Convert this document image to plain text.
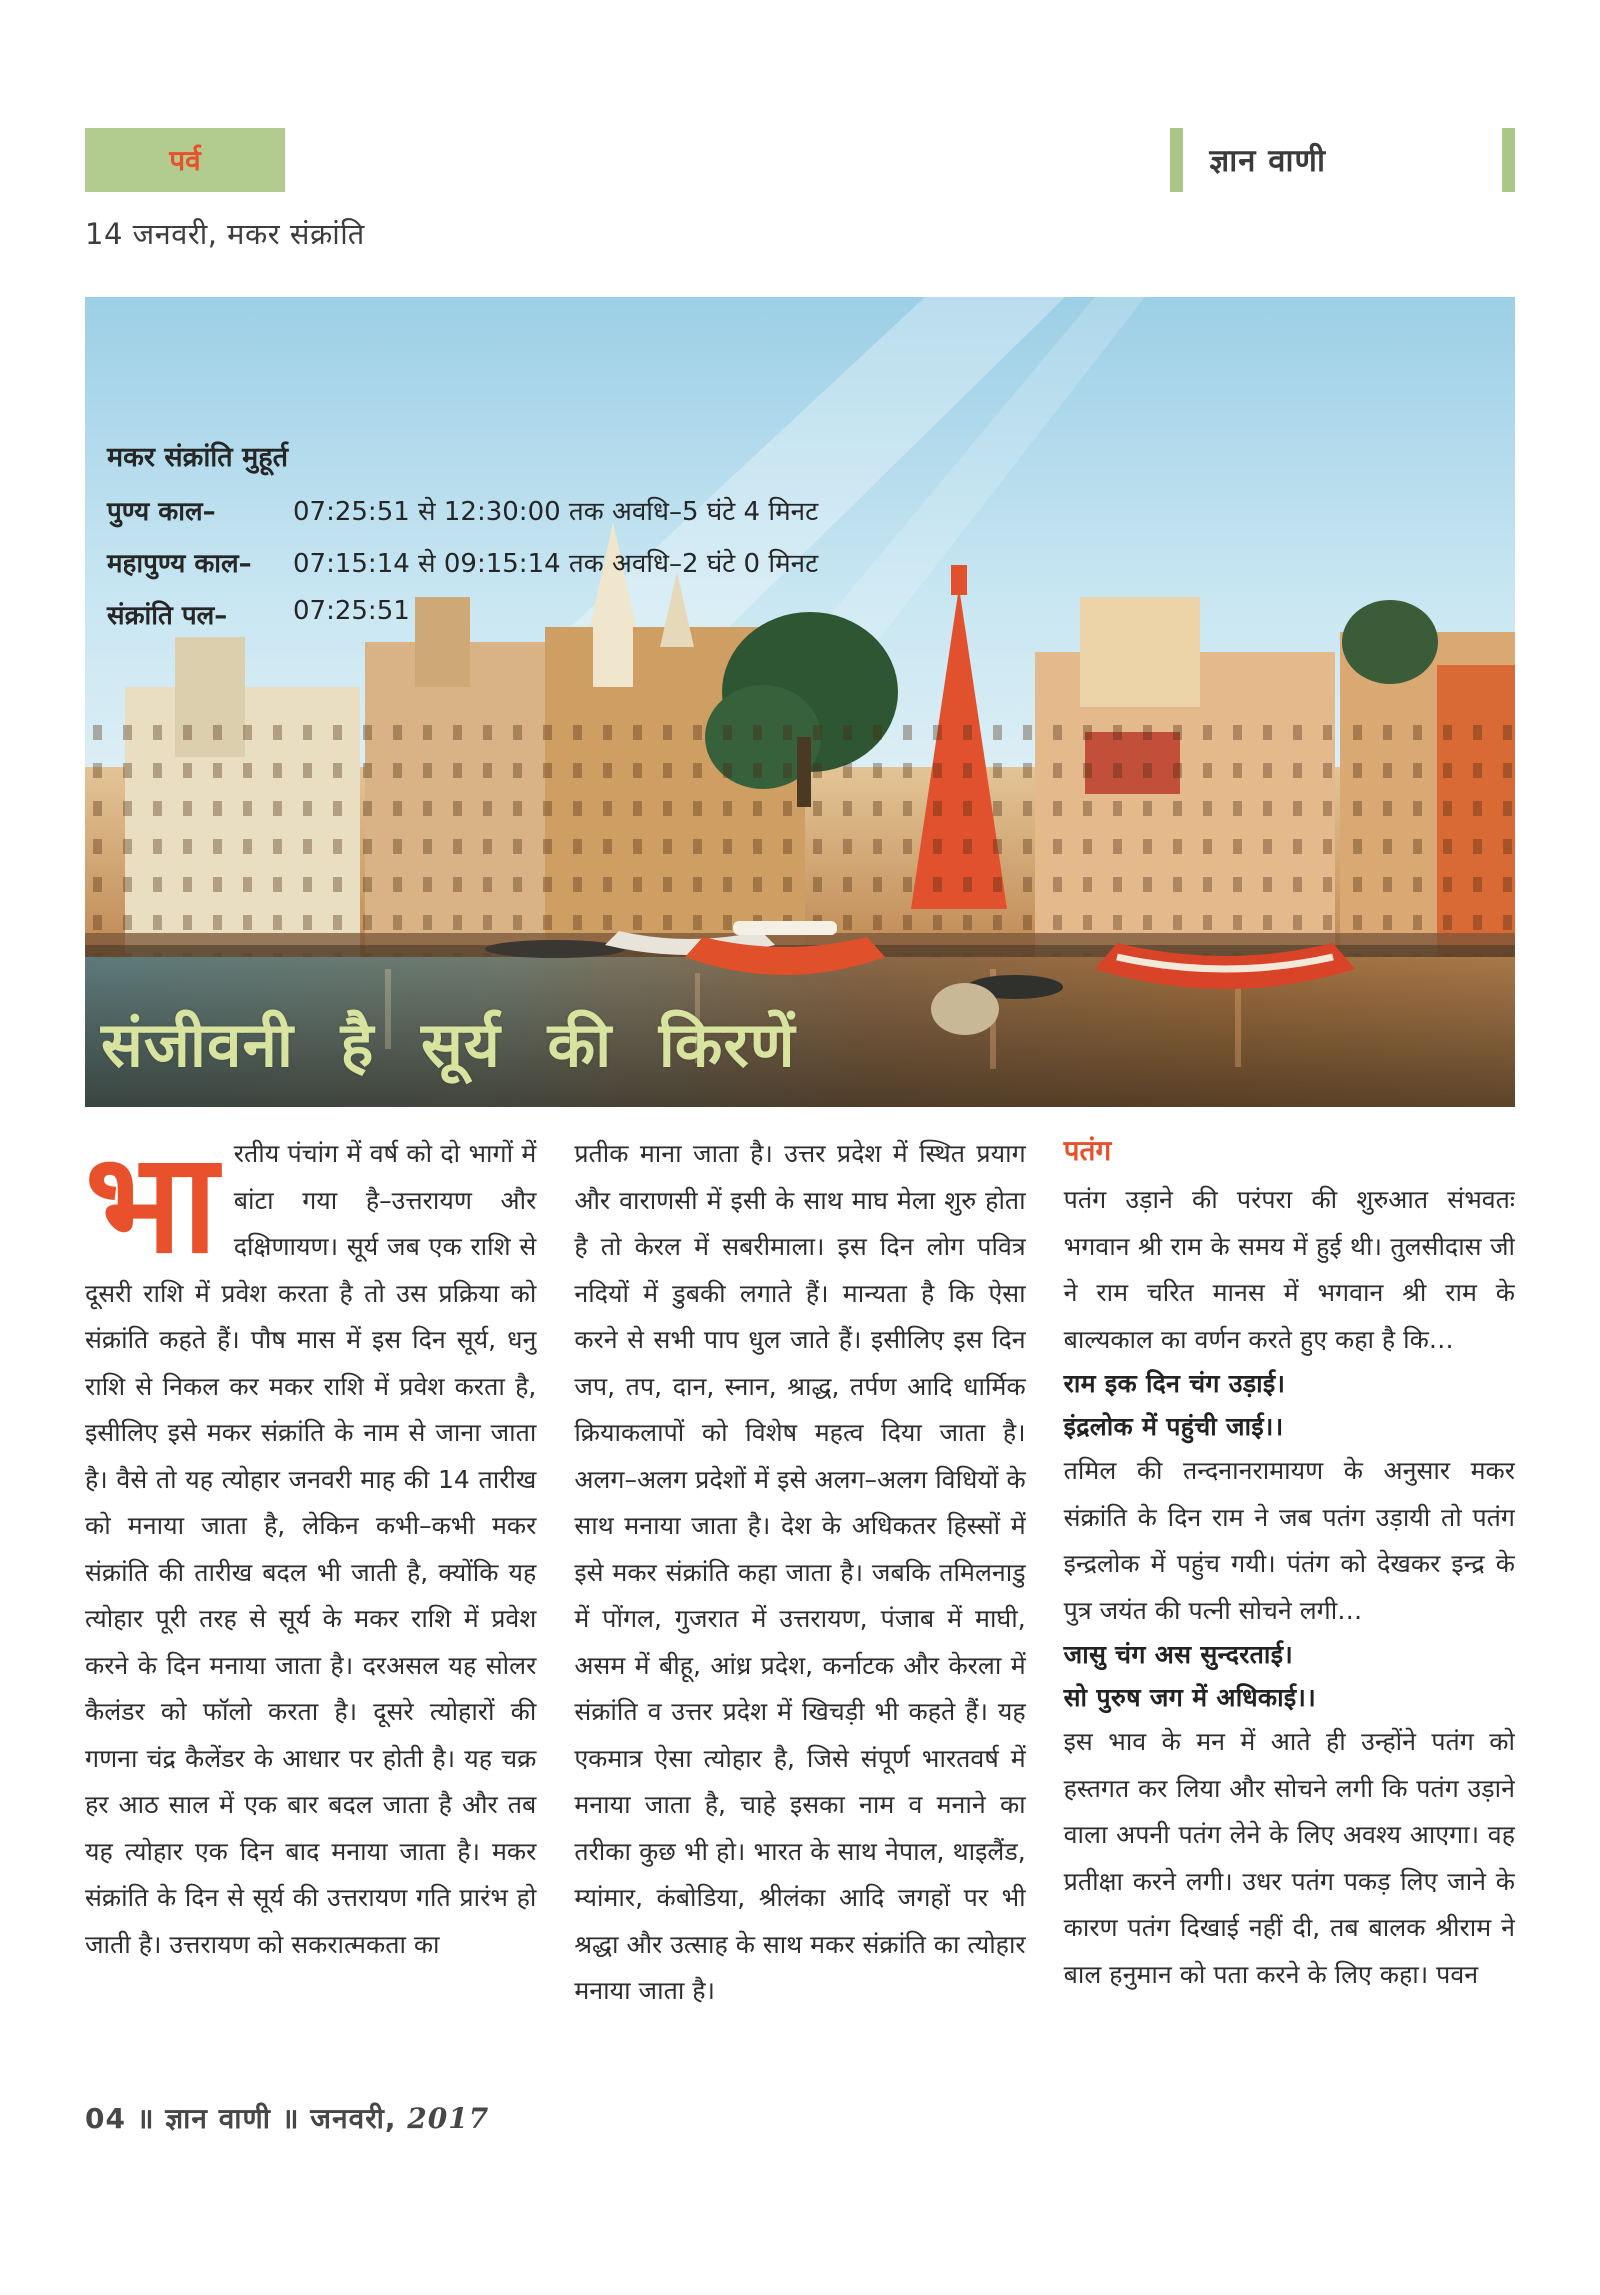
पर्व	ज्ञान वाणी
14 जनवरी, मकर संक्रांति
मकर संक्रांति मुहूर्त
पुण्य काल–	07:25:51 से 12:30:00 तक अवधि–5 घंटे 4 मिनट
महापुण्य काल–	07:15:14 से 09:15:14 तक अवधि–2 घंटे 0 मिनट
संक्रांति पल–	07:25:51
संजीवनी है सूर्य की किरणें
भा रतीय पंचांग में वर्ष को दो भागों में बांटा गया है–उत्तरायण और दक्षिणायण। सूर्य जब एक राशि से दूसरी राशि में प्रवेश करता है तो उस प्रक्रिया को संक्रांति कहते हैं। पौष मास में इस दिन सूर्य, धनु राशि से निकल कर मकर राशि में प्रवेश करता है, इसीलिए इसे मकर संक्रांति के नाम से जाना जाता है। वैसे तो यह त्योहार जनवरी माह की 14 तारीख को मनाया जाता है, लेकिन कभी–कभी मकर संक्रांति की तारीख बदल भी जाती है, क्योंकि यह त्योहार पूरी तरह से सूर्य के मकर राशि में प्रवेश करने के दिन मनाया जाता है। दरअसल यह सोलर कैलंडर को फॉलो करता है। दूसरे त्योहारों की गणना चंद्र कैलेंडर के आधार पर होती है। यह चक्र हर आठ साल में एक बार बदल जाता है और तब यह त्योहार एक दिन बाद मनाया जाता है। मकर संक्रांति के दिन से सूर्य की उत्तरायण गति प्रारंभ हो जाती है। उत्तरायण को सकरात्मकता का
प्रतीक माना जाता है। उत्तर प्रदेश में स्थित प्रयाग और वाराणसी में इसी के साथ माघ मेला शुरु होता है तो केरल में सबरीमाला। इस दिन लोग पवित्र नदियों में डुबकी लगाते हैं। मान्यता है कि ऐसा करने से सभी पाप धुल जाते हैं। इसीलिए इस दिन जप, तप, दान, स्नान, श्राद्ध, तर्पण आदि धार्मिक क्रियाकलापों को विशेष महत्व दिया जाता है। अलग–अलग प्रदेशों में इसे अलग–अलग विधियों के साथ मनाया जाता है। देश के अधिकतर हिस्सों में इसे मकर संक्रांति कहा जाता है। जबकि तमिलनाडु में पोंगल, गुजरात में उत्तरायण, पंजाब में माघी, असम में बीहू, आंध्र प्रदेश, कर्नाटक और केरला में संक्रांति व उत्तर प्रदेश में खिचड़ी भी कहते हैं। यह एकमात्र ऐसा त्योहार है, जिसे संपूर्ण भारतवर्ष में मनाया जाता है, चाहे इसका नाम व मनाने का तरीका कुछ भी हो। भारत के साथ नेपाल, थाइलैंड, म्यांमार, कंबोडिया, श्रीलंका आदि जगहों पर भी श्रद्धा और उत्साह के साथ मकर संक्रांति का त्योहार मनाया जाता है।
पतंग

पतंग उड़ाने की परंपरा की शुरुआत संभवतः भगवान श्री राम के समय में हुई थी। तुलसीदास जी ने राम चरित मानस में भगवान श्री राम के बाल्यकाल का वर्णन करते हुए कहा है कि…

राम इक दिन चंग उड़ाई।
इंद्रलोक में पहुंची जाई।।

तमिल की तन्दनानरामायण के अनुसार मकर संक्रांति के दिन राम ने जब पतंग उड़ायी तो पतंग इन्द्रलोक में पहुंच गयी। पंतंग को देखकर इन्द्र के पुत्र जयंत की पत्नी सोचने लगी…

जासु चंग अस सुन्दरताई।
सो पुरुष जग में अधिकाई।।

इस भाव के मन में आते ही उन्होंने पतंग को हस्तगत कर लिया और सोचने लगी कि पतंग उड़ाने वाला अपनी पतंग लेने के लिए अवश्य आएगा। वह प्रतीक्षा करने लगी। उधर पतंग पकड़ लिए जाने के कारण पतंग दिखाई नहीं दी, तब बालक श्रीराम ने बाल हनुमान को पता करने के लिए कहा। पवन

04 ॥ ज्ञान वाणी ॥ जनवरी, 2017
